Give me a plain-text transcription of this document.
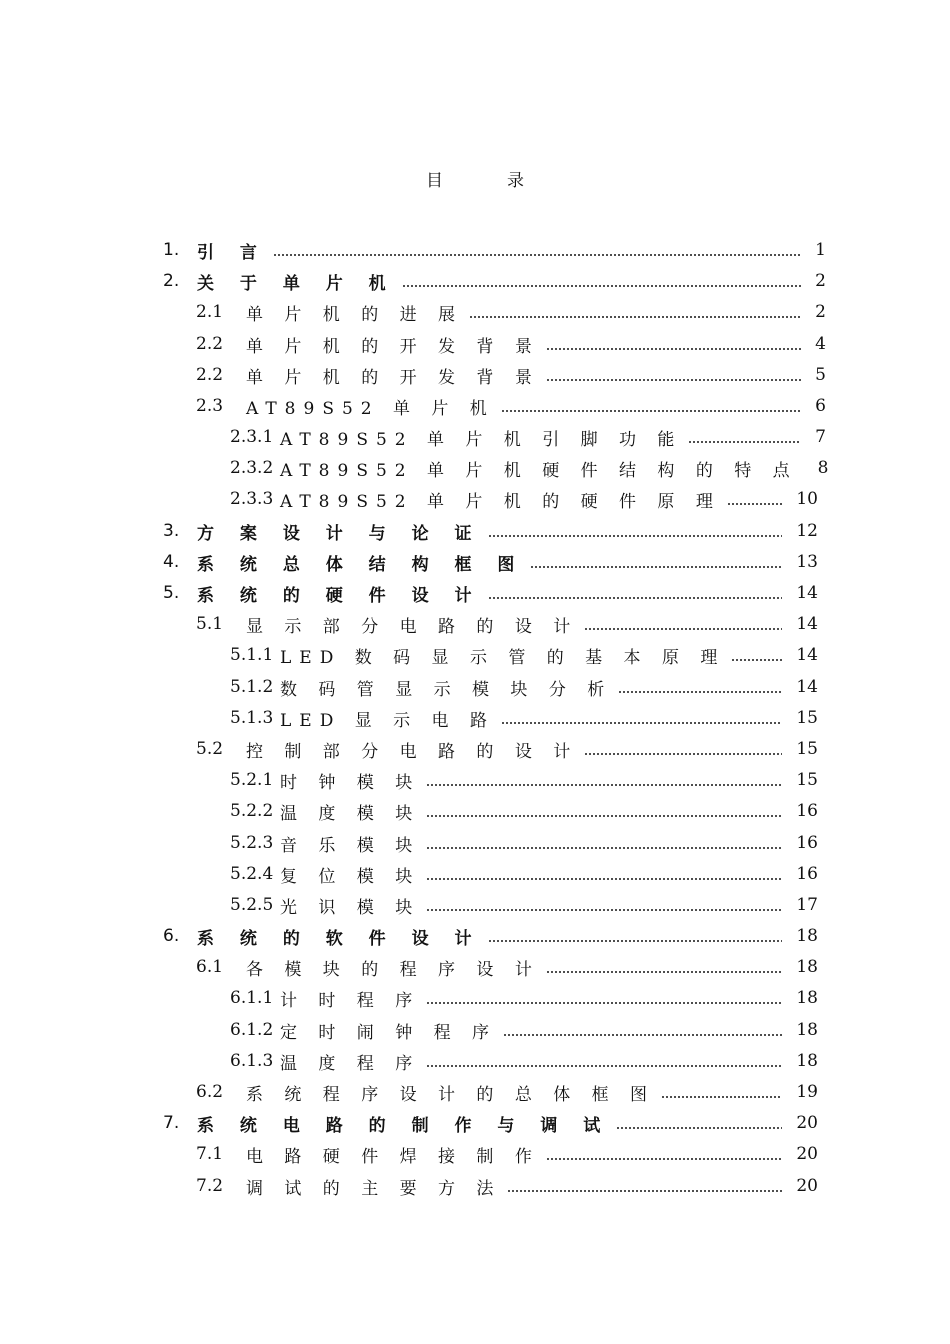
目	录
1.	引 言	1
2.	关 于 单 片 机	2
2.1	单 片 机 的 进 展	2
2.2	单 片 机 的 开 发 背 景	4
2.2	单 片 机 的 开 发 背 景	5
2.3	AT89S52 单 片 机	6
2.3.1 AT89S52 单 片 机 引 脚 功 能	7
2.3.2 AT89S52 单 片 机 硬 件 结 构 的 特 点 8
2.3.3 AT89S52 单 片 机 的 硬 件 原 理	10
3.	方 案 设 计 与 论 证	12
4.	系 统 总 体 结 构 框 图	13
5.	系 统 的 硬 件 设 计	14
5.1	显 示 部 分 电 路 的 设 计	14
5.1.1 LED 数 码 显 示 管 的 基 本 原 理	14
5.1.2 数 码 管 显 示 模 块 分 析	14
5.1.3 LED 显 示 电 路	15
5.2	控 制 部 分 电 路 的 设 计	15
5.2.1 时 钟 模 块	15
5.2.2 温 度 模 块	16
5.2.3 音 乐 模 块	16
5.2.4 复 位 模 块	16
5.2.5 光 识 模 块	17
6.	系 统 的 软 件 设 计	18
6.1	各 模 块 的 程 序 设 计	18
6.1.1 计 时 程 序	18
6.1.2 定 时 闹 钟 程 序	18
6.1.3 温 度 程 序	18
6.2	系 统 程 序 设 计 的 总 体 框 图	19
7.	系 统 电 路 的 制 作 与 调 试	20
7.1	电 路 硬 件 焊 接 制 作	20
7.2	调 试 的 主 要 方 法	20
